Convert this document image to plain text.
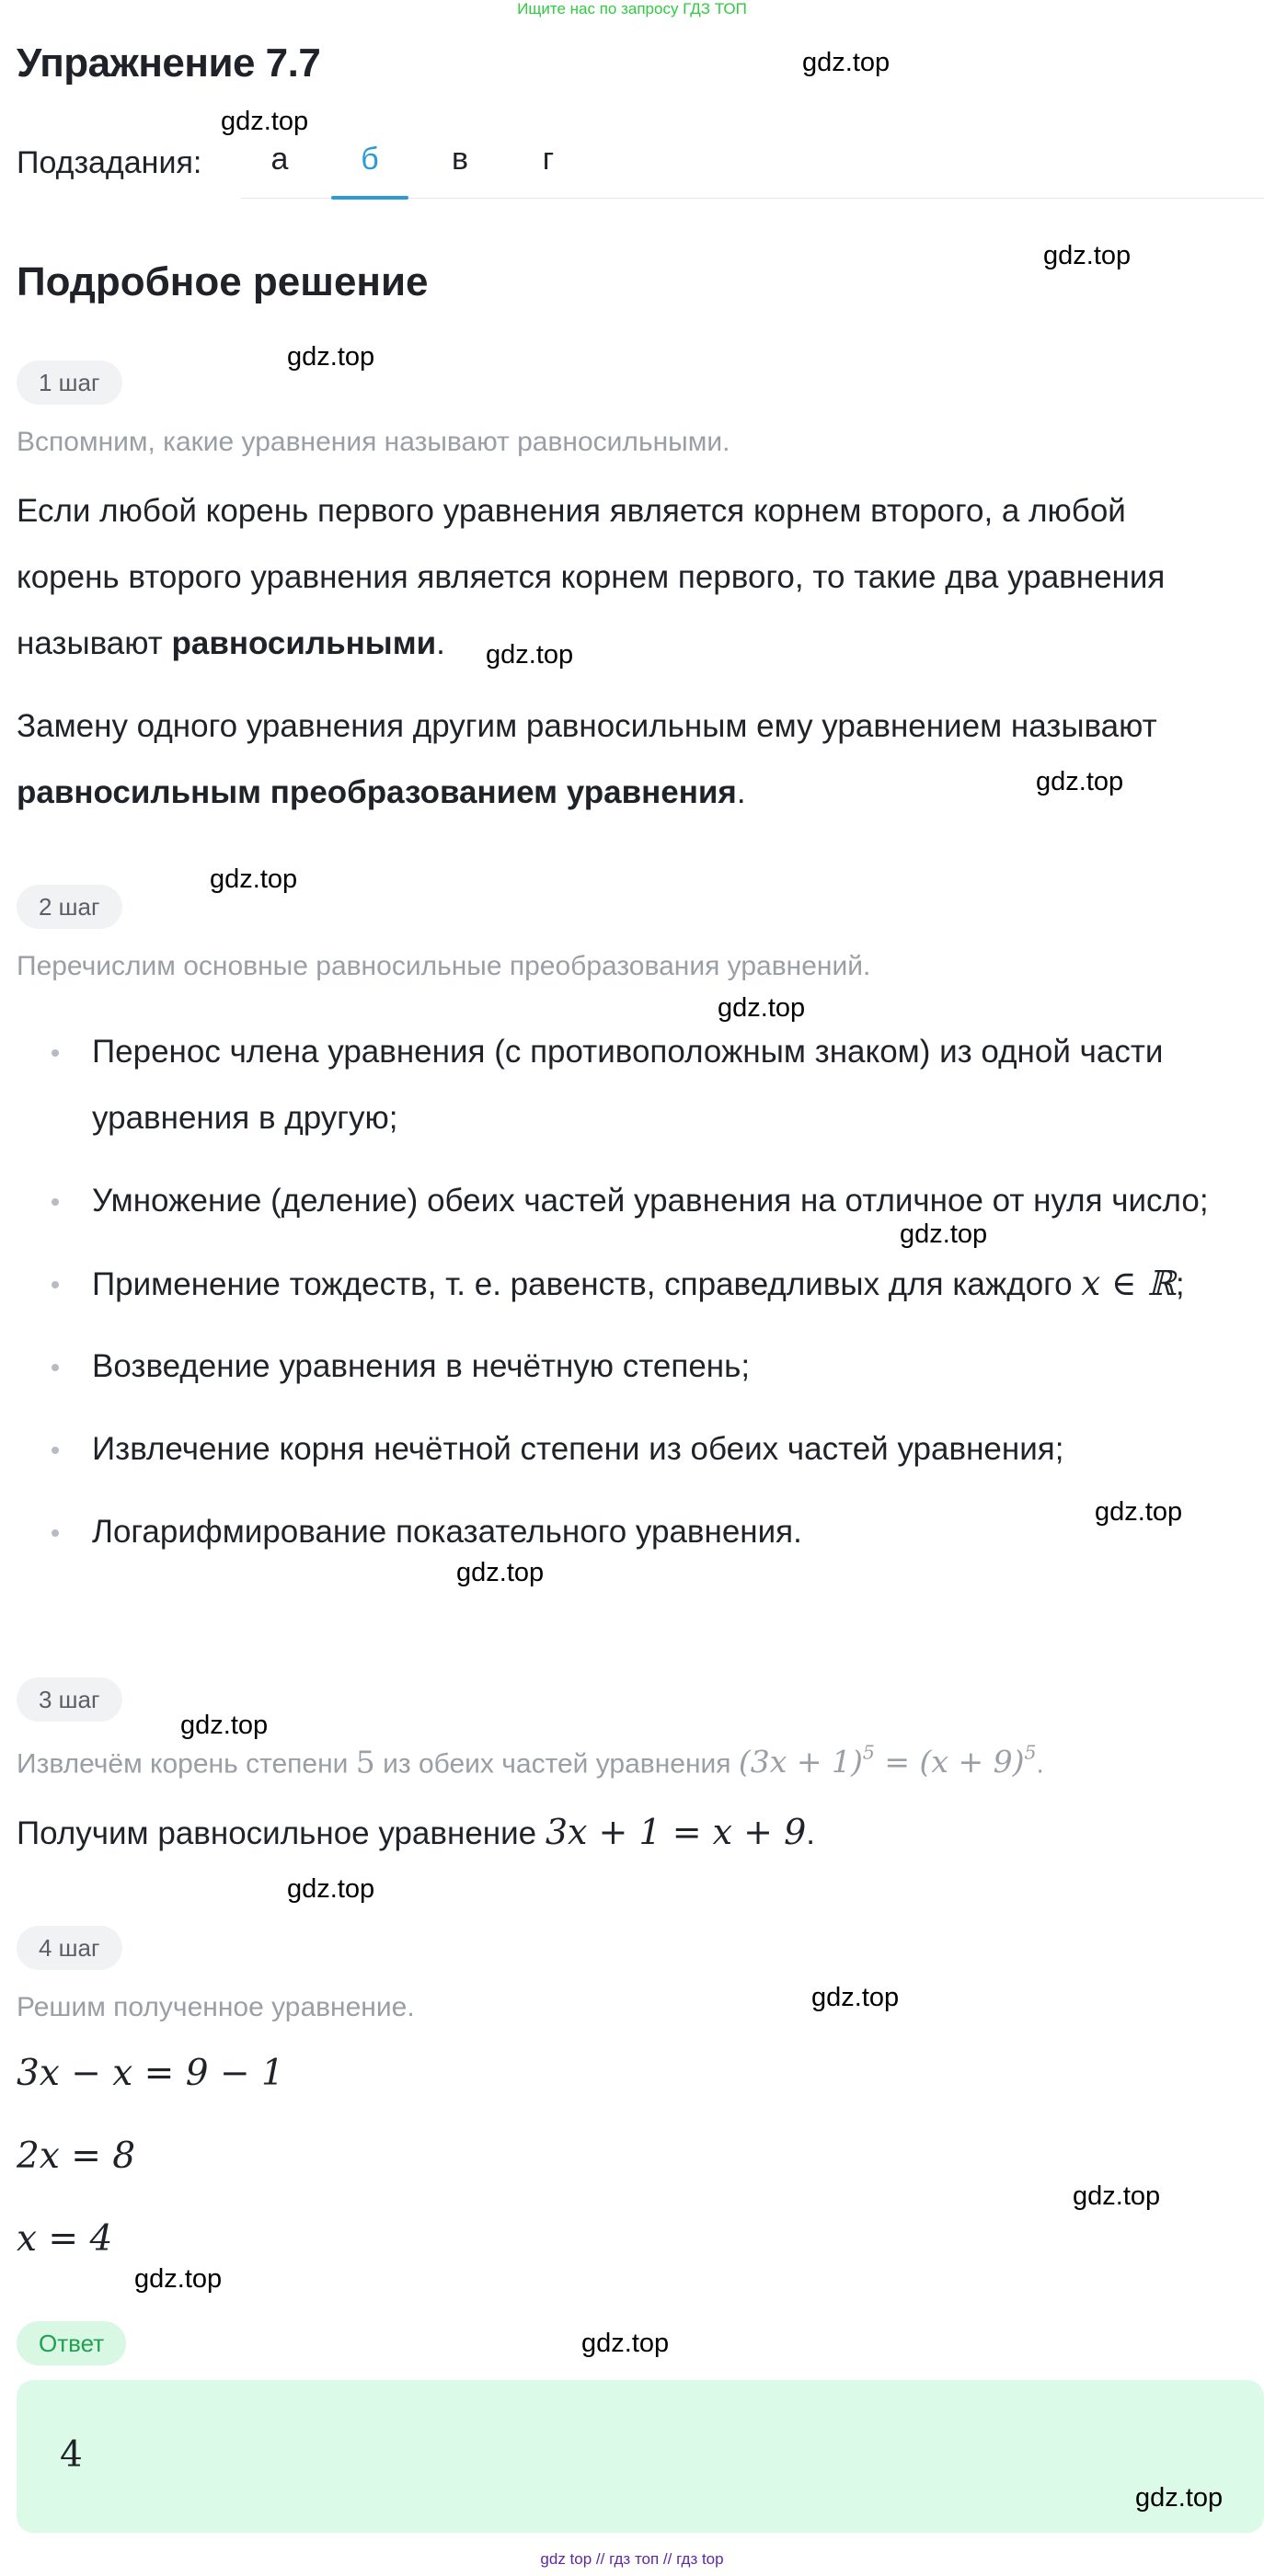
Ищите нас по запросу ГДЗ ТОП
Упражнение 7.7
Подзадания:	а	б	в	г
Подробное решение
1 шаг
Вспомним, какие уравнения называют равносильными.
Если любой корень первого уравнения является корнем второго, а любой
корень второго уравнения является корнем первого, то такие два уравнения
называют равносильными.
Замену одного уравнения другим равносильным ему уравнением называют
равносильным преобразованием уравнения.
2 шаг
Перечислим основные равносильные преобразования уравнений.
Перенос члена уравнения (с противоположным знаком) из одной части
уравнения в другую;
Умножение (деление) обеих частей уравнения на отличное от нуля число;
Применение тождеств, т. е. равенств, справедливых для каждого x ∈ ℝ;
Возведение уравнения в нечётную степень;
Извлечение корня нечётной степени из обеих частей уравнения;
Логарифмирование показательного уравнения.
3 шаг
Извлечём корень степени 5 из обеих частей уравнения $(3x + 1)^5 = (x + 9)^5$.
Получим равносильное уравнение 3x + 1 = x + 9.
4 шаг
Решим полученное уравнение.
3x − x = 9 − 1
2x = 8
x = 4
Ответ
4
gdz.top
gdz.top
gdz.top
gdz.top
gdz.top
gdz.top
gdz.top
gdz.top
gdz.top
gdz.top
gdz.top
gdz.top
gdz.top
gdz.top
gdz.top
gdz.top
gdz.top
gdz.top
gdz top // гдз топ // гдз top
